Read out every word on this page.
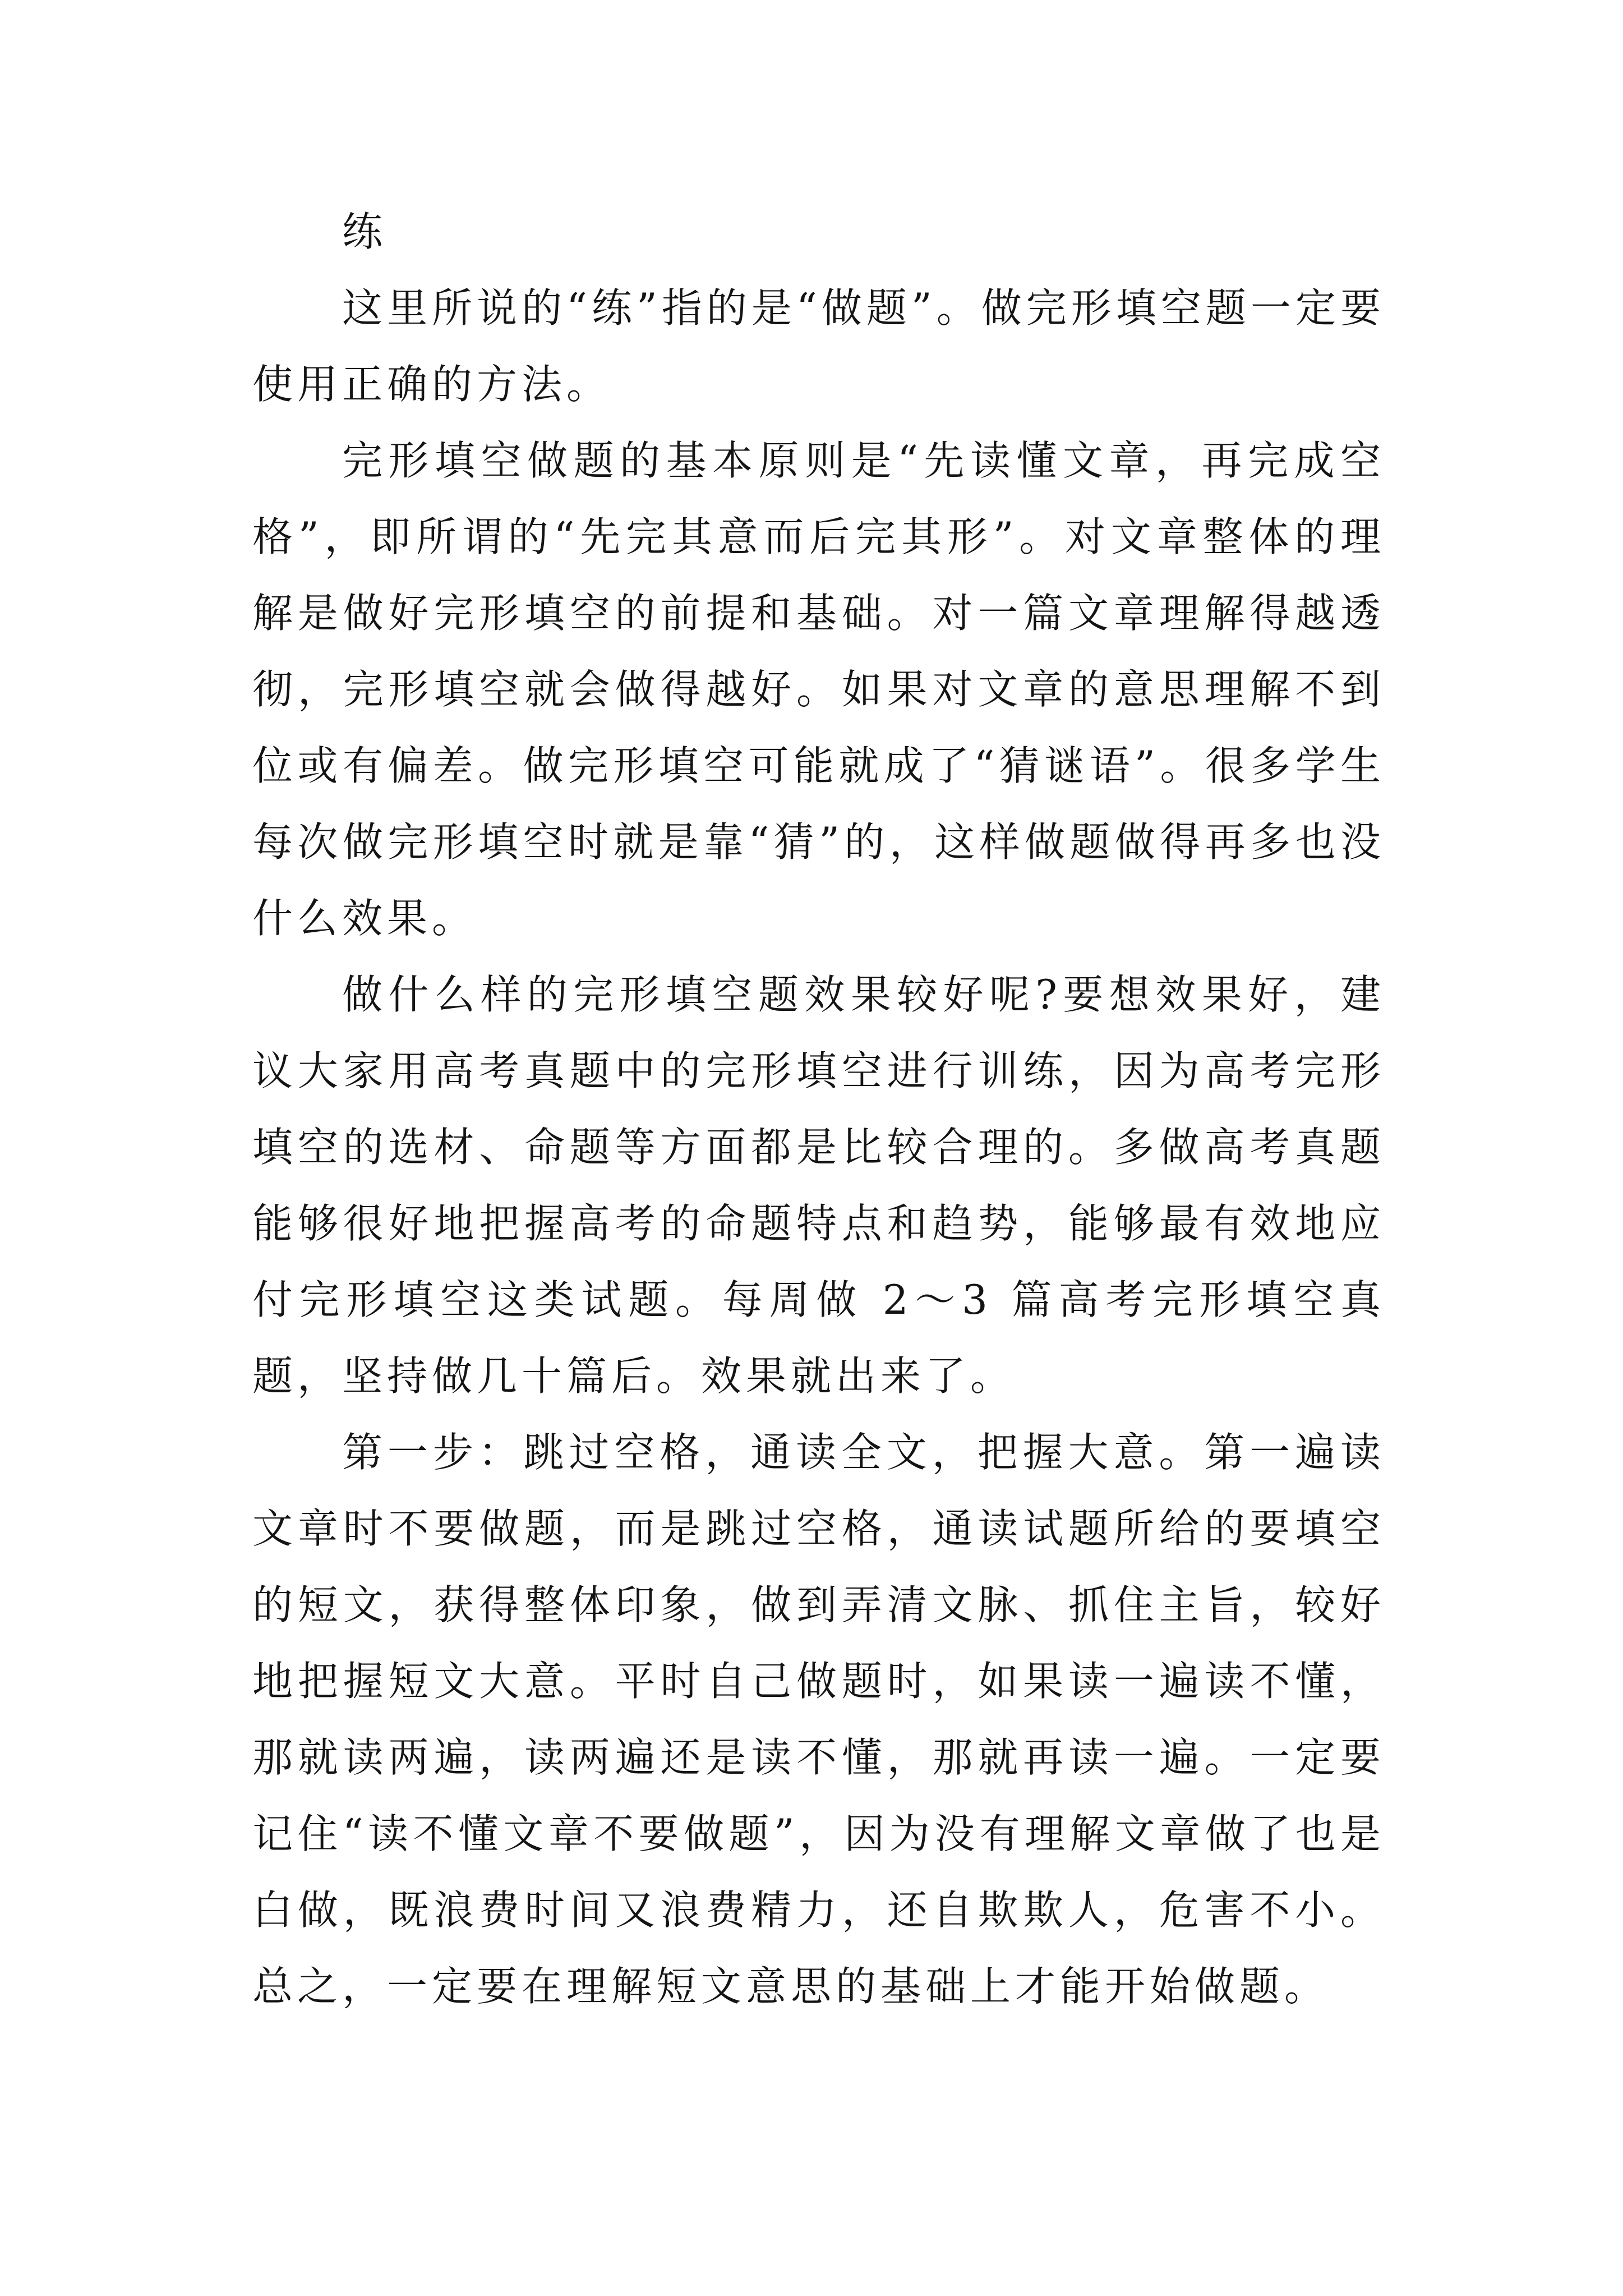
练

这里所说的“练”指的是“做题”。做完形填空题一定要使用正确的方法。

完形填空做题的基本原则是“先读懂文章，再完成空格”，即所谓的“先完其意而后完其形”。对文章整体的理解是做好完形填空的前提和基础。对一篇文章理解得越透彻，完形填空就会做得越好。如果对文章的意思理解不到位或有偏差。做完形填空可能就成了“猜谜语”。很多学生每次做完形填空时就是靠“猜”的，这样做题做得再多也没什么效果。

做什么样的完形填空题效果较好呢?要想效果好，建议大家用高考真题中的完形填空进行训练，因为高考完形填空的选材、命题等方面都是比较合理的。多做高考真题能够很好地把握高考的命题特点和趋势，能够最有效地应付完形填空这类试题。每周做 2～3 篇高考完形填空真题，坚持做几十篇后。效果就出来了。

第一步：跳过空格，通读全文，把握大意。第一遍读文章时不要做题，而是跳过空格，通读试题所给的要填空的短文，获得整体印象，做到弄清文脉、抓住主旨，较好地把握短文大意。平时自己做题时，如果读一遍读不懂，那就读两遍，读两遍还是读不懂，那就再读一遍。一定要记住“读不懂文章不要做题”，因为没有理解文章做了也是白做，既浪费时间又浪费精力，还自欺欺人，危害不小。总之，一定要在理解短文意思的基础上才能开始做题。
